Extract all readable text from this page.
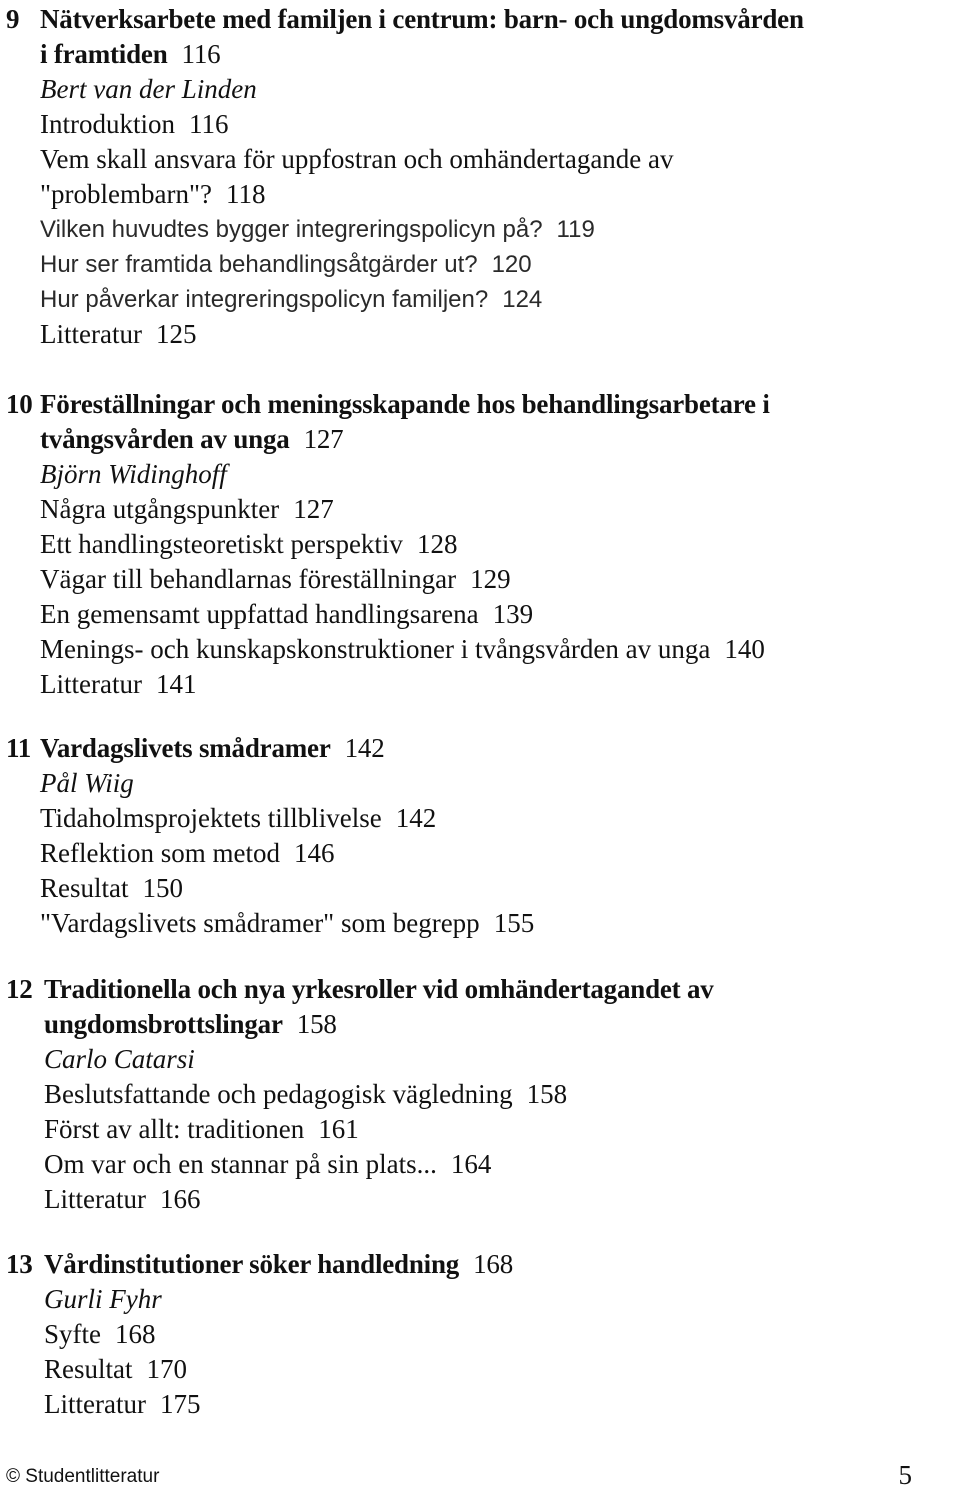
9 Nätverksarbete med familjen i centrum: barn- och ungdomsvården
i framtiden 116
Bert van der Linden
Introduktion 116
Vem skall ansvara för uppfostran och omhändertagande av
"problembarn"? 118
Vilken huvudtes bygger integreringspolicyn på? 119
Hur ser framtida behandlingsåtgärder ut? 120
Hur påverkar integreringspolicyn familjen? 124
Litteratur 125
10 Föreställningar och meningsskapande hos behandlingsarbetare i
tvångsvården av unga 127
Björn Widinghoff
Några utgångspunkter 127
Ett handlingsteoretiskt perspektiv 128
Vägar till behandlarnas föreställningar 129
En gemensamt uppfattad handlingsarena 139
Menings- och kunskapskonstruktioner i tvångsvården av unga 140
Litteratur 141
11 Vardagslivets smådramer 142
Pål Wiig
Tidaholmsprojektets tillblivelse 142
Reflektion som metod 146
Resultat 150
"Vardagslivets smådramer" som begrepp 155
12 Traditionella och nya yrkesroller vid omhändertagandet av
ungdomsbrottslingar 158
Carlo Catarsi
Beslutsfattande och pedagogisk vägledning 158
Först av allt: traditionen 161
Om var och en stannar på sin plats... 164
Litteratur 166
13 Vårdinstitutioner söker handledning 168
Gurli Fyhr
Syfte 168
Resultat 170
Litteratur 175
© Studentlitteratur	5
